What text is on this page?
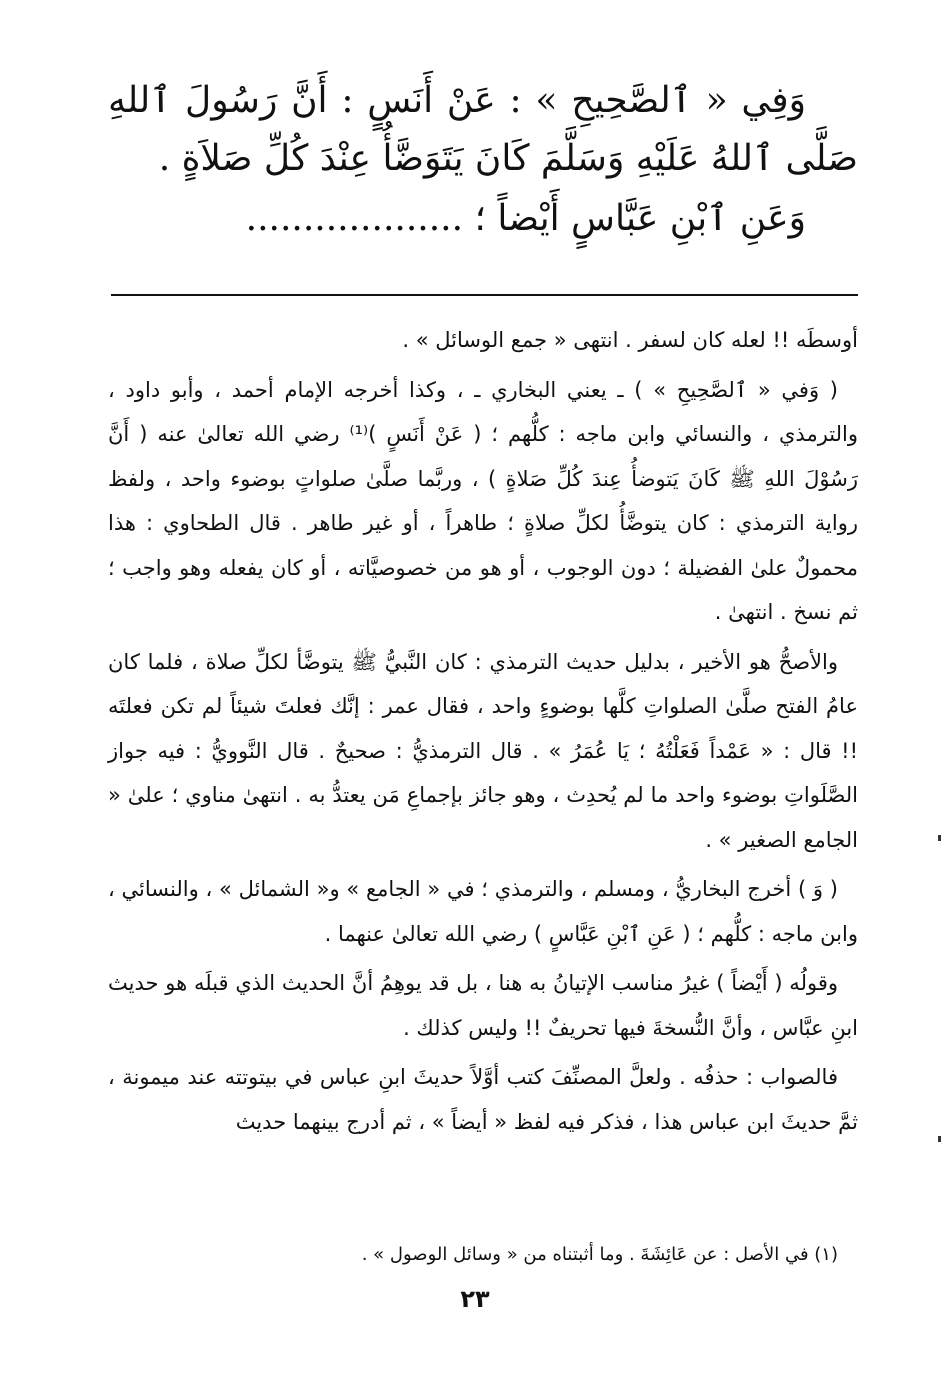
وَفِي « ٱلصَّحِيحِ » : عَنْ أَنَسٍ : أَنَّ رَسُولَ ٱللهِ صَلَّى ٱللهُ عَلَيْهِ وَسَلَّمَ كَانَ يَتَوَضَّأُ عِنْدَ كُلِّ صَلاَةٍ .

وَعَنِ ٱبْنِ عَبَّاسٍ أَيْضاً ؛ ...................

أوسطَه !! لعله كان لسفر . انتهى « جمع الوسائل » .

( وَفي « ٱلصَّحِيحِ » ) ـ يعني البخاري ـ ، وكذا أخرجه الإمام أحمد ، وأبو داود ، والترمذي ، والنسائي وابن ماجه : كلُّهم ؛ ( عَنْ أَنَسٍ )⁽¹⁾ رضي الله تعالىٰ عنه ( أَنَّ رَسُوْلَ اللهِ ﷺ كَانَ يَتوضأُ عِندَ كُلِّ صَلاةٍ ) ، وربَّما صلَّىٰ صلواتٍ بوضوء واحد ، ولفظ رواية الترمذي : كان يتوضَّأُ لكلِّ صلاةٍ ؛ طاهراً ، أو غير طاهر . قال الطحاوي : هذا محمولٌ علىٰ الفضيلة ؛ دون الوجوب ، أو هو من خصوصيَّاته ، أو كان يفعله وهو واجب ؛ ثم نسخ . انتهىٰ .

والأصحُّ هو الأخير ، بدليل حديث الترمذي : كان النَّبيُّ ﷺ يتوضَّأ لكلِّ صلاة ، فلما كان عامُ الفتح صلَّىٰ الصلواتِ كلَّها بوضوءٍ واحد ، فقال عمر : إنَّك فعلتَ شيئاً لم تكن فعلتَه !! قال : « عَمْداً فَعَلْتُهُ ؛ يَا عُمَرُ » . قال الترمذيُّ : صحيحٌ . قال النَّوويُّ : فيه جواز الصَّلَواتِ بوضوء واحد ما لم يُحدِث ، وهو جائز بإجماعِ مَن يعتدُّ به . انتهىٰ مناوي ؛ علىٰ « الجامع الصغير » .

( وَ ) أخرج البخاريُّ ، ومسلم ، والترمذي ؛ في « الجامع » و« الشمائل » ، والنسائي ، وابن ماجه : كلُّهم ؛ ( عَنِ ٱبْنِ عَبَّاسٍ ) رضي الله تعالىٰ عنهما .

وقولُه ( أَيْضاً ) غيرُ مناسب الإتيانُ به هنا ، بل قد يوهِمُ أنَّ الحديث الذي قبلَه هو حديث ابنِ عبَّاس ، وأنَّ النُّسخةَ فيها تحريفٌ !! وليس كذلك .

فالصواب : حذفُه . ولعلَّ المصنِّفَ كتب أوَّلاً حديثَ ابنِ عباس في بيتوتته عند ميمونة ، ثمَّ حديثَ ابن عباس هذا ، فذكر فيه لفظ « أيضاً » ، ثم أدرج بينهما حديث

(١) في الأصل : عن عَائِشَةَ . وما أثبتناه من « وسائل الوصول » .
٢٣
